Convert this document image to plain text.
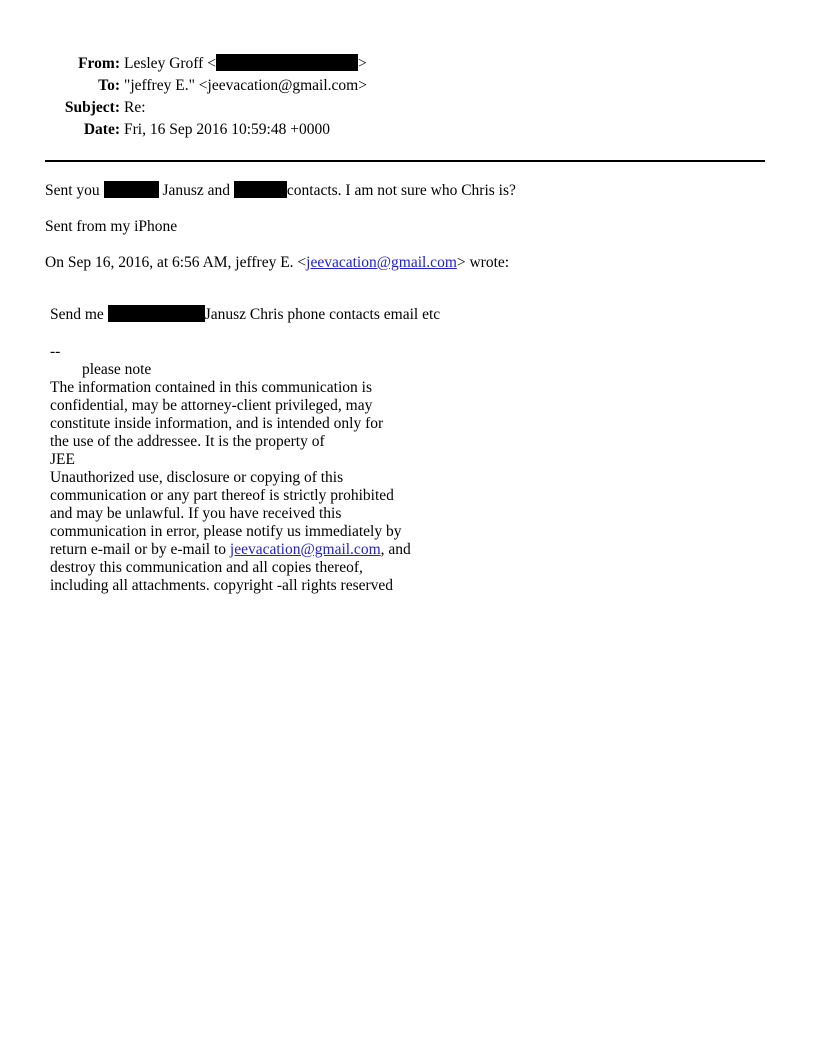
From: Lesley Groff <	>
To: "jeffrey E." <jeevacation@gmail.com>
Subject: Re:
Date: Fri, 16 Sep 2016 10:59:48 +0000
Sent you	Janusz and	contacts. I am not sure who Chris is?
Sent from my iPhone
On Sep 16, 2016, at 6:56 AM, jeffrey E. <jeevacation@gmail.com> wrote:
Send me	Janusz Chris phone contacts email etc
--
please note
The information contained in this communication is
confidential, may be attorney-client privileged, may
constitute inside information, and is intended only for
the use of the addressee. It is the property of
JEE
Unauthorized use, disclosure or copying of this
communication or any part thereof is strictly prohibited
and may be unlawful. If you have received this
communication in error, please notify us immediately by
return e-mail or by e-mail to jeevacation@gmail.com, and
destroy this communication and all copies thereof,
including all attachments. copyright -all rights reserved
